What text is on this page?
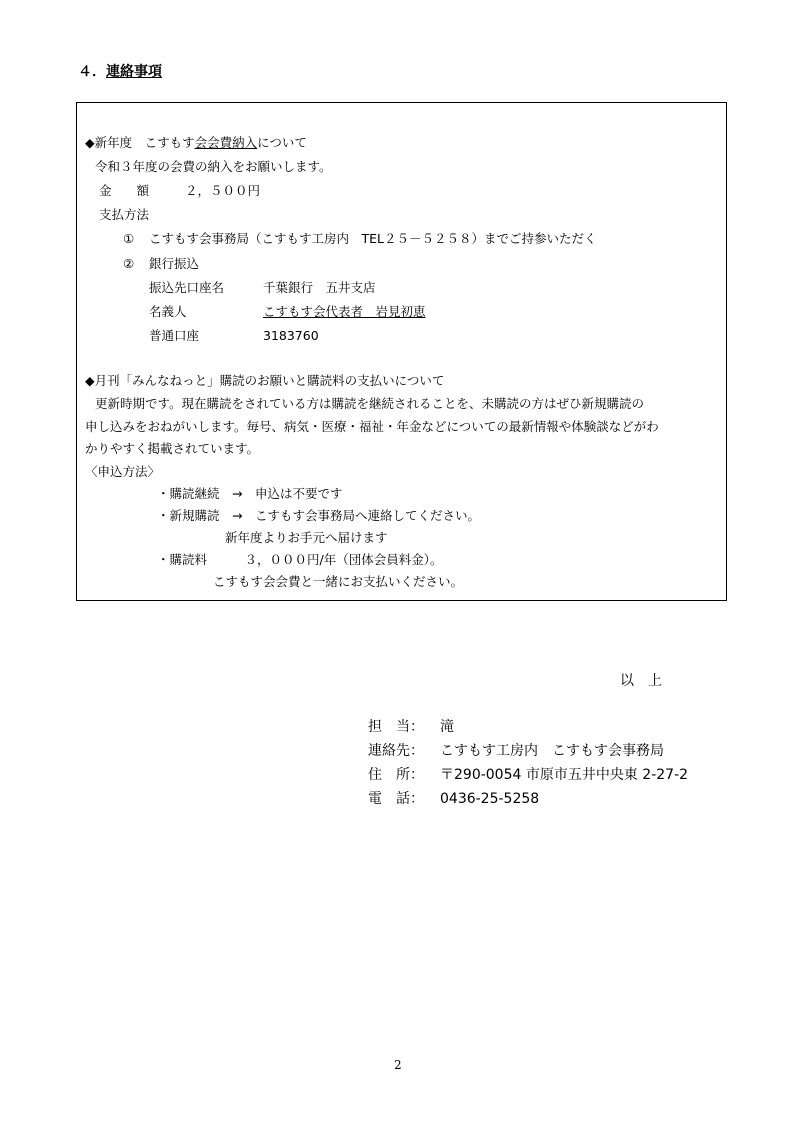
４．連絡事項
◆新年度　こすもす会会費納入について
令和３年度の会費の納入をお願いします。
金　　額	２，５００円
支払方法
① こすもす会事務局（こすもす工房内　TEL２５－５２５８）までご持参いただく
② 銀行振込
振込先口座名	千葉銀行　五井支店
名義人	こすもす会代表者　岩見初恵
普通口座	3183760
◆月刊「みんなねっと」購読のお願いと購読料の支払いについて
更新時期です。現在購読をされている方は購読を継続されることを、未購読の方はぜひ新規購読の
申し込みをおねがいします。毎号、病気・医療・福祉・年金などについての最新情報や体験談などがわ
かりやすく掲載されています。
〈申込方法〉
・購読継続　→　申込は不要です
・新規購読　→　こすもす会事務局へ連絡してください。
新年度よりお手元へ届けます
・購読料　　　３，０００円/年（団体会員料金）。
こすもす会会費と一緒にお支払いください。
以　上
担　当： 滝
連絡先： こすもす工房内　こすもす会事務局
住　所： 〒290-0054 市原市五井中央東 2-27-2
電　話： 0436-25-5258
2
